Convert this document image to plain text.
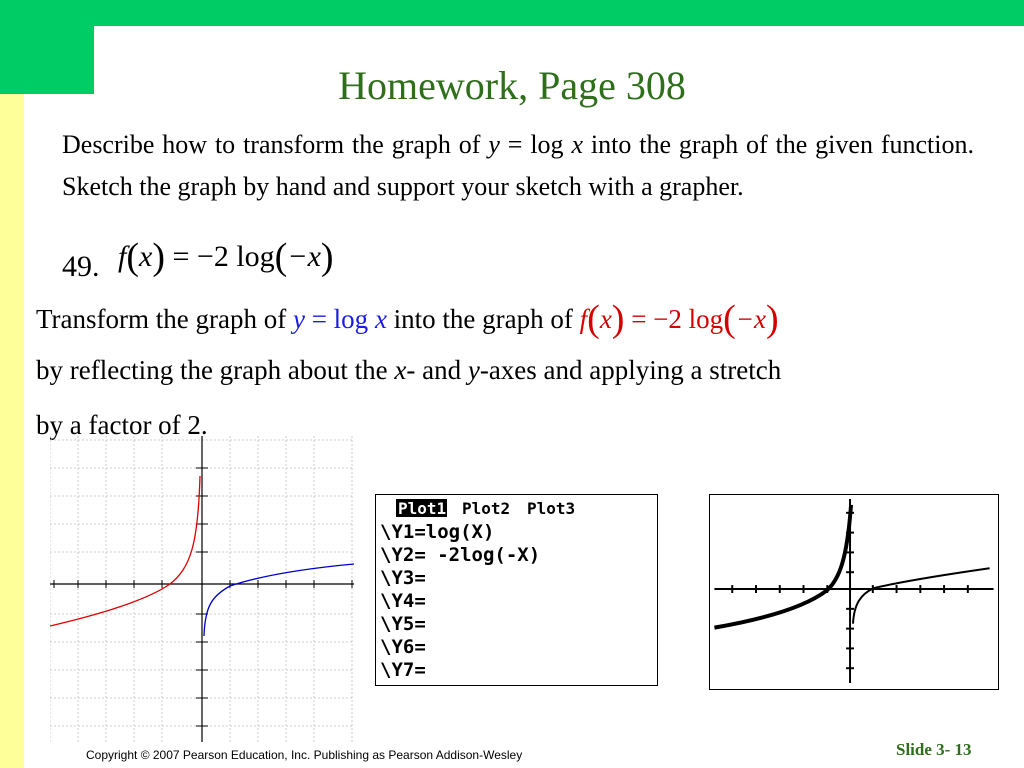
Homework, Page 308
Describe how to transform the graph of y = log x into the graph of the given function. Sketch the graph by hand and support your sketch with a grapher.
49. f(x) = −2 log(−x)
Transform the graph of y = log x into the graph of f(x) = −2 log(−x)
by reflecting the graph about the x- and y-axes and applying a stretch
by a factor of 2.
Plot1 Plot2 Plot3
\Y1=log(X)
\Y2= -2log(-X)
\Y3=
\Y4=
\Y5=
\Y6=
\Y7=
Copyright © 2007 Pearson Education, Inc. Publishing as Pearson Addison-Wesley	Slide 3- 13
